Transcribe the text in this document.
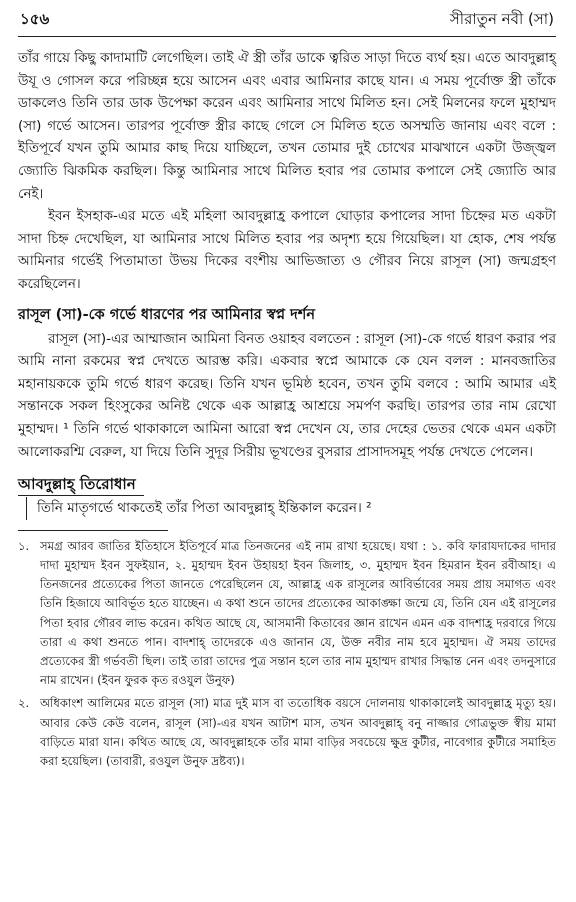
১৫৬	সীরাতুন নবী (সা)

তাঁর গায়ে কিছু কাদামাটি লেগেছিল। তাই ঐ স্ত্রী তাঁর ডাকে ত্বরিত সাড়া দিতে ব্যর্থ হয়। এতে আবদুল্লাহ্ উযূ ও গোসল করে পরিচ্ছন্ন হয়ে আসেন এবং এবার আমিনার কাছে যান। এ সময় পূর্বোক্ত স্ত্রী তাঁকে ডাকলেও তিনি তার ডাক উপেক্ষা করেন এবং আমিনার সাথে মিলিত হন। সেই মিলনের ফলে মুহাম্মদ (সা) গর্ভে আসেন। তারপর পূর্বোক্ত স্ত্রীর কাছে গেলে সে মিলিত হতে অসম্মতি জানায় এবং বলে : ইতিপূর্বে যখন তুমি আমার কাছ দিয়ে যাচ্ছিলে, তখন তোমার দুই চোখের মাঝখানে একটা উজ্জ্বল জ্যোতি ঝিকমিক করছিল। কিন্তু আমিনার সাথে মিলিত হবার পর তোমার কপালে সেই জ্যোতি আর নেই।

ইবন ইসহাক-এর মতে এই মহিলা আবদুল্লাহ্র কপালে ঘোড়ার কপালের সাদা চিহ্নের মত একটা সাদা চিহ্ন দেখেছিল, যা আমিনার সাথে মিলিত হবার পর অদৃশ্য হয়ে গিয়েছিল। যা হোক, শেষ পর্যন্ত আমিনার গর্ভেই পিতামাতা উভয় দিকের বংশীয় আভিজাত্য ও গৌরব নিয়ে রাসূল (সা) জন্মগ্রহণ করেছিলেন।

রাসূল (সা)-কে গর্ভে ধারণের পর আমিনার স্বপ্ন দর্শন

রাসূল (সা)-এর আম্মাজান আমিনা বিনত ওয়াহব বলতেন : রাসূল (সা)-কে গর্ভে ধারণ করার পর আমি নানা রকমের স্বপ্ন দেখতে আরম্ভ করি। একবার স্বপ্নে আমাকে কে যেন বলল : মানবজাতির মহানায়ককে তুমি গর্ভে ধারণ করেছ। তিনি যখন ভূমিষ্ঠ হবেন, তখন তুমি বলবে : আমি আমার এই সন্তানকে সকল হিংসুকের অনিষ্ট থেকে এক আল্লাহ্র আশ্রয়ে সমর্পণ করছি। তারপর তার নাম রেখো মুহাম্মদ। ¹ তিনি গর্ভে থাকাকালে আমিনা আরো স্বপ্ন দেখেন যে, তার দেহের ভেতর থেকে এমন একটা আলোকরশ্মি বেরুল, যা দিয়ে তিনি সুদূর সিরীয় ভূখণ্ডের বুসরার প্রাসাদসমূহ পর্যন্ত দেখতে পেলেন।

আবদুল্লাহ্ তিরোধান

তিনি মাতৃগর্ভে থাকতেই তাঁর পিতা আবদুল্লাহ্ ইন্তিকাল করেন। ²

১. সমগ্র আরব জাতির ইতিহাসে ইতিপূর্বে মাত্র তিনজনের এই নাম রাখা হয়েছে। যথা : ১. কবি ফারাযদাকের দাদার দাদা মুহাম্মদ ইবন সুফইয়ান, ২. মুহাম্মদ ইবন উহায়হা ইবন জিলাহ, ৩. মুহাম্মদ ইবন হিমরান ইবন রবীআহ। এ তিনজনের প্রত্যেকের পিতা জানতে পেরেছিলেন যে, আল্লাহ্র এক রাসূলের আবির্ভাবের সময় প্রায় সমাগত এবং তিনি হিজাযে আবির্ভূত হতে যাচ্ছেন। এ কথা শুনে তাদের প্রত্যেকের আকাঙ্ক্ষা জন্মে যে, তিনি যেন এই রাসূলের পিতা হবার গৌরব লাভ করেন। কথিত আছে যে, আসমানী কিতাবের জ্ঞান রাখেন এমন এক বাদশাহ্র দরবারে গিয়ে তারা এ কথা শুনতে পান। বাদশাহ্ তাদেরকে এও জানান যে, উক্ত নবীর নাম হবে মুহাম্মদ। ঐ সময় তাদের প্রত্যেকের স্ত্রী গর্ভবতী ছিল। তাই তারা তাদের পুত্র সন্তান হলে তার নাম মুহাম্মদ রাখার সিদ্ধান্ত নেন এবং তদনুসারে নাম রাখেন। (ইবন ফুরক কৃত রওযুল উনুফ)
২. অধিকাংশ আলিমের মতে রাসূল (সা) মাত্র দুই মাস বা ততোধিক বয়সে দোলনায় থাকাকালেই আবদুল্লাহ্র মৃত্যু হয়। আবার কেউ কেউ বলেন, রাসূল (সা)-এর যখন আটাশ মাস, তখন আবদুল্লাহ্ বনু নাজ্জার গোত্রভুক্ত স্বীয় মামা বাড়িতে মারা যান। কথিত আছে যে, আবদুল্লাহকে তাঁর মামা বাড়ির সবচেয়ে ক্ষুদ্র কুটীর, নাবেগার কুটীরে সমাহিত করা হয়েছিল। (তাবারী, রওযুল উনুফ দ্রষ্টব্য)।
